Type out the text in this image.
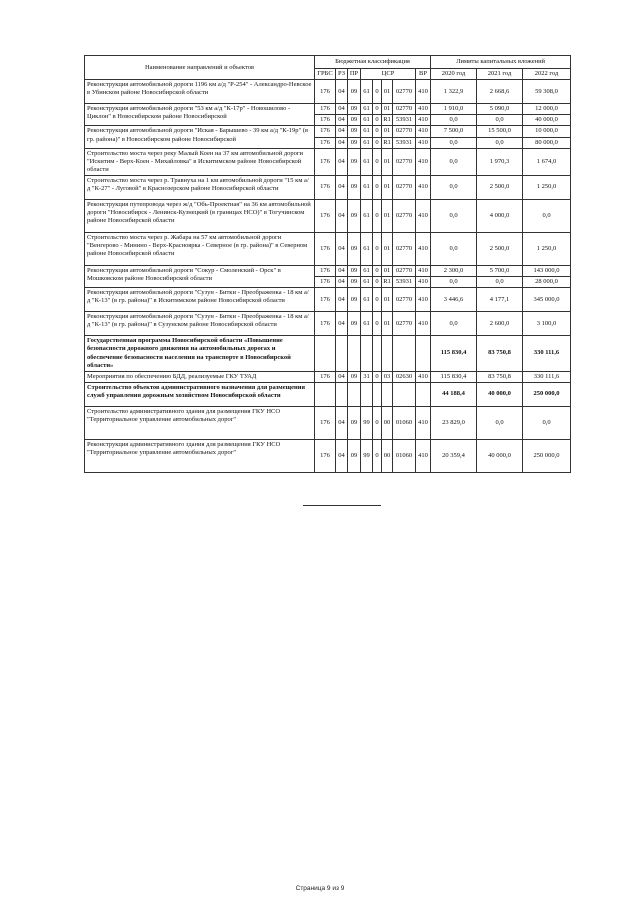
Наименование направлений и объектов	Бюджетная классификация								Лимиты капитальных вложений		
	ГРБС	РЗ	ПР	ЦСР				ВР	2020 год	2021 год	2022 год
Реконструкция автомобильной дороги 1196 км а/д "Р-254" - Александро-Невское в Убинском районе Новосибирской области	176	04	09	61	0	01	02770	410	1 322,9	2 668,6	59 308,0
Реконструкция автомобильной дороги "53 км а/д "К-17р" - Новошилово - Циклон" в Новосибирском районе Новосибирской	176	04	09	61	0	01	02770	410	1 910,0	5 090,0	12 000,0
	176	04	09	61	0	R1	53931	410	0,0	0,0	40 000,0
Реконструкция автомобильной дороги "Иская - Барышево - 39 км а/д "К-19р" (в гр. района)" в Новосибирском районе Новосибирской	176	04	09	61	0	01	02770	410	7 500,0	15 500,0	10 000,0
	176	04	09	61	0	R1	53931	410	0,0	0,0	80 000,0
Строительство моста через реку Малый Коен на 37 км автомобильной дороги "Искитим - Верх-Коен - Михайловка" в Искитимском районе Новосибирской области	176	04	09	61	0	01	02770	410	0,0	1 970,3	1 674,0
Строительство моста через р. Травнуха на 1 км автомобильной дороги "15 км а/д "К-27" - Луговой" в Краснозерском районе Новосибирской области	176	04	09	61	0	01	02770	410	0,0	2 500,0	1 250,0
Реконструкция путепровода через ж/д "Обь-Проектная" на 36 км автомобильной дороги "Новосибирск - Ленинск-Кузнецкий (в границах НСО)" в Тогучинском районе Новосибирской области	176	04	09	61	0	01	02770	410	0,0	4 000,0	0,0
Строительство моста через р. Жабара на 57 км автомобильной дороги "Венгерово - Минино - Верх-Красноярка - Северное (в гр. района)" в Северном районе Новосибирской области	176	04	09	61	0	01	02770	410	0,0	2 500,0	1 250,0
Реконструкция автомобильной дороги "Сокур - Смоленский - Орск" в Мошковском районе Новосибирской области	176	04	09	61	0	01	02770	410	2 300,0	5 700,0	143 000,0
	176	04	09	61	0	R1	53931	410	0,0	0,0	28 000,0
Реконструкция автомобильной дороги "Сузун - Битки - Преображенка - 18 км а/д "К-13" (в гр. района)" в Искитимском районе Новосибирской области	176	04	09	61	0	01	02770	410	3 446,6	4 177,1	345 000,0
Реконструкция автомобильной дороги "Сузун - Битки - Преображенка - 18 км а/д "К-13" (в гр. района)" в Сузунском районе Новосибирской области	176	04	09	61	0	01	02770	410	0,0	2 600,0	3 100,0
Государственная программа Новосибирской области «Повышение безопасности дорожного движения на автомобильных дорогах и обеспечение безопасности населения на транспорте в Новосибирской области»									115 830,4	83 750,8	330 111,6
Мероприятия по обеспечению БДД, реализуемые ГКУ ТУАД	176	04	09	31	0	03	02630	410	115 830,4	83 750,8	330 111,6
Строительство объектов административного назначения для размещения служб управления дорожным хозяйством Новосибирской области									44 188,4	40 000,0	250 000,0
Строительство административного здания для размещения ГКУ НСО "Территориальное управление автомобильных дорог"	176	04	09	99	0	00	01060	410	23 829,0	0,0	0,0
Реконструкция административного здания для размещения ГКУ НСО "Территориальное управление автомобильных дорог"	176	04	09	99	0	00	01060	410	20 359,4	40 000,0	250 000,0
Страница 9 из 9
